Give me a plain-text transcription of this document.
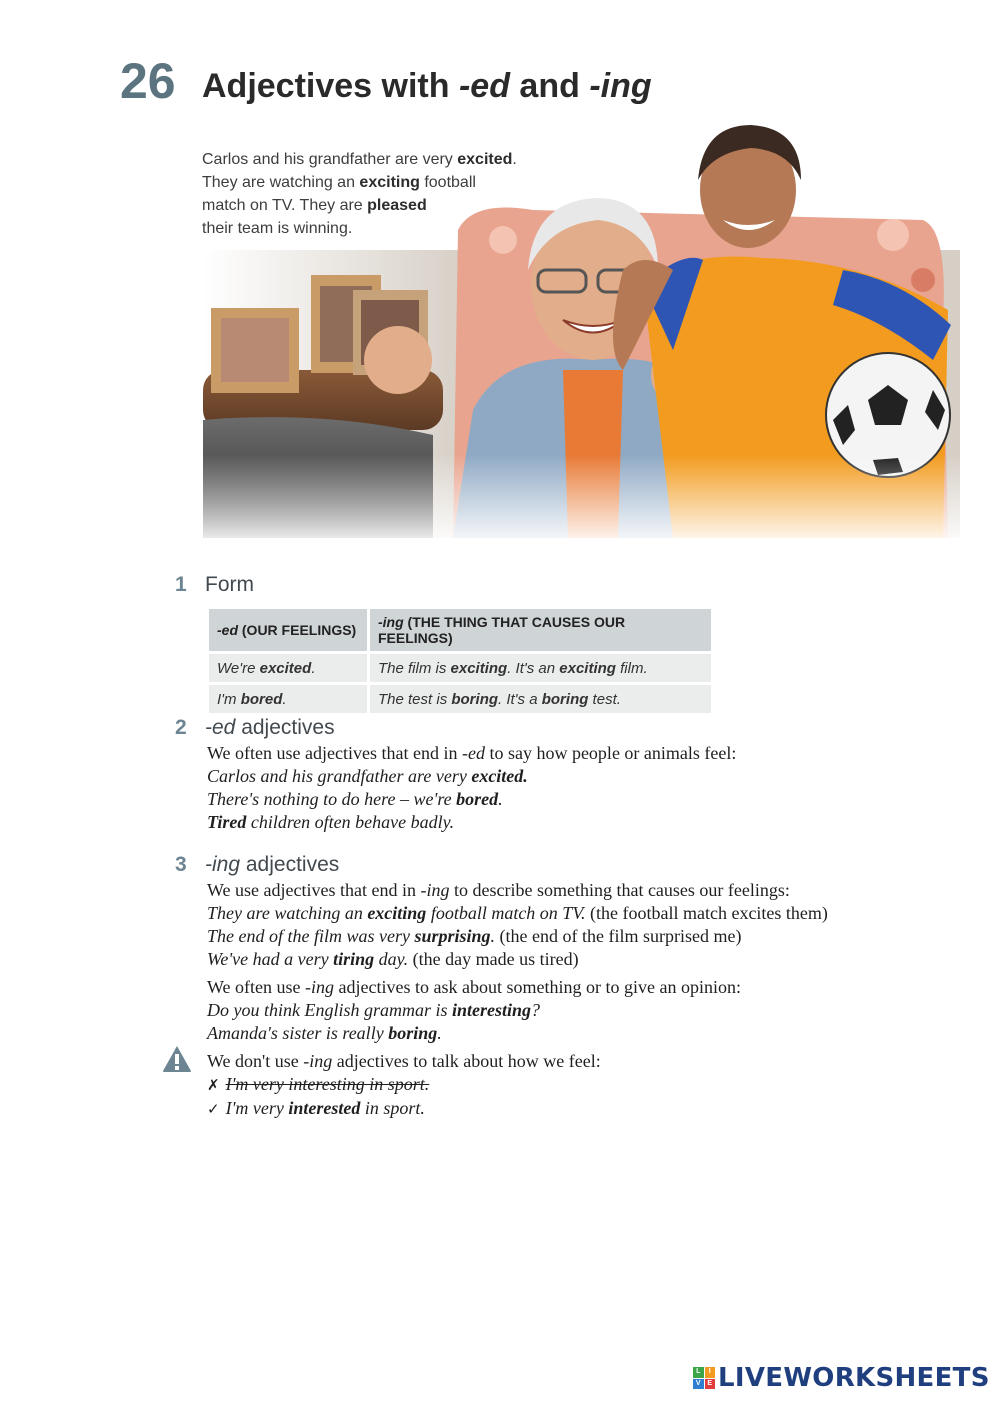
26 Adjectives with -ed and -ing
Carlos and his grandfather are very excited.
They are watching an exciting football
match on TV. They are pleased
their team is winning.
1 Form
-ed (OUR FEELINGS)	-ing (THE THING THAT CAUSES OUR FEELINGS)
We're excited.	The film is exciting. It's an exciting film.
I'm bored.	The test is boring. It's a boring test.
2 -ed adjectives

We often use adjectives that end in -ed to say how people or animals feel:

Carlos and his grandfather are very excited.

There's nothing to do here – we're bored.

Tired children often behave badly.

3 -ing adjectives

We use adjectives that end in -ing to describe something that causes our feelings:

They are watching an exciting football match on TV. (the football match excites them)

The end of the film was very surprising. (the end of the film surprised me)

We've had a very tiring day. (the day made us tired)

We often use -ing adjectives to ask about something or to give an opinion:

Do you think English grammar is interesting?

Amanda's sister is really boring.

We don't use -ing adjectives to talk about how we feel:

✗ I'm very interesting in sport.

✓ I'm very interested in sport.

L	I
V E LIVEWORKSHEETS
